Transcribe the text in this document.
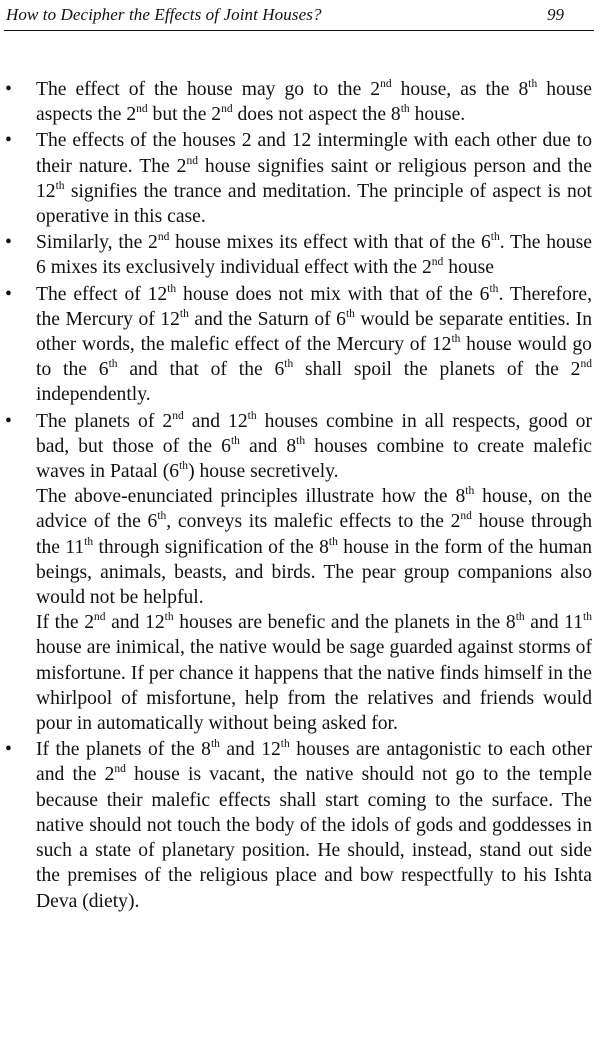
How to Decipher the Effects of Joint Houses?	99
• The effect of the house may go to the 2nd house, as the 8th house aspects the 2nd but the 2nd does not aspect the 8th house.
• The effects of the houses 2 and 12 intermingle with each other due to their nature. The 2nd house signifies saint or religious person and the 12th signifies the trance and meditation. The principle of aspect is not operative in this case.
• Similarly, the 2nd house mixes its effect with that of the 6th. The house 6 mixes its exclusively individual effect with the 2nd house
• The effect of 12th house does not mix with that of the 6th. Therefore, the Mercury of 12th and the Saturn of 6th would be separate entities. In other words, the malefic effect of the Mercury of 12th house would go to the 6th and that of the 6th shall spoil the planets of the 2nd independently.
• The planets of 2nd and 12th houses combine in all respects, good or bad, but those of the 6th and 8th houses combine to create malefic waves in Pataal (6th) house secretively.
The above-enunciated principles illustrate how the 8th house, on the advice of the 6th, conveys its malefic effects to the 2nd house through the 11th through signification of the 8th house in the form of the human beings, animals, beasts, and birds. The pear group companions also would not be helpful.
If the 2nd and 12th houses are benefic and the planets in the 8th and 11th house are inimical, the native would be sage guarded against storms of misfortune. If per chance it happens that the native finds himself in the whirlpool of misfortune, help from the relatives and friends would pour in automatically without being asked for.
• If the planets of the 8th and 12th houses are antagonistic to each other and the 2nd house is vacant, the native should not go to the temple because their malefic effects shall start coming to the surface. The native should not touch the body of the idols of gods and goddesses in such a state of planetary position. He should, instead, stand out side the premises of the religious place and bow respectfully to his Ishta Deva (diety).
